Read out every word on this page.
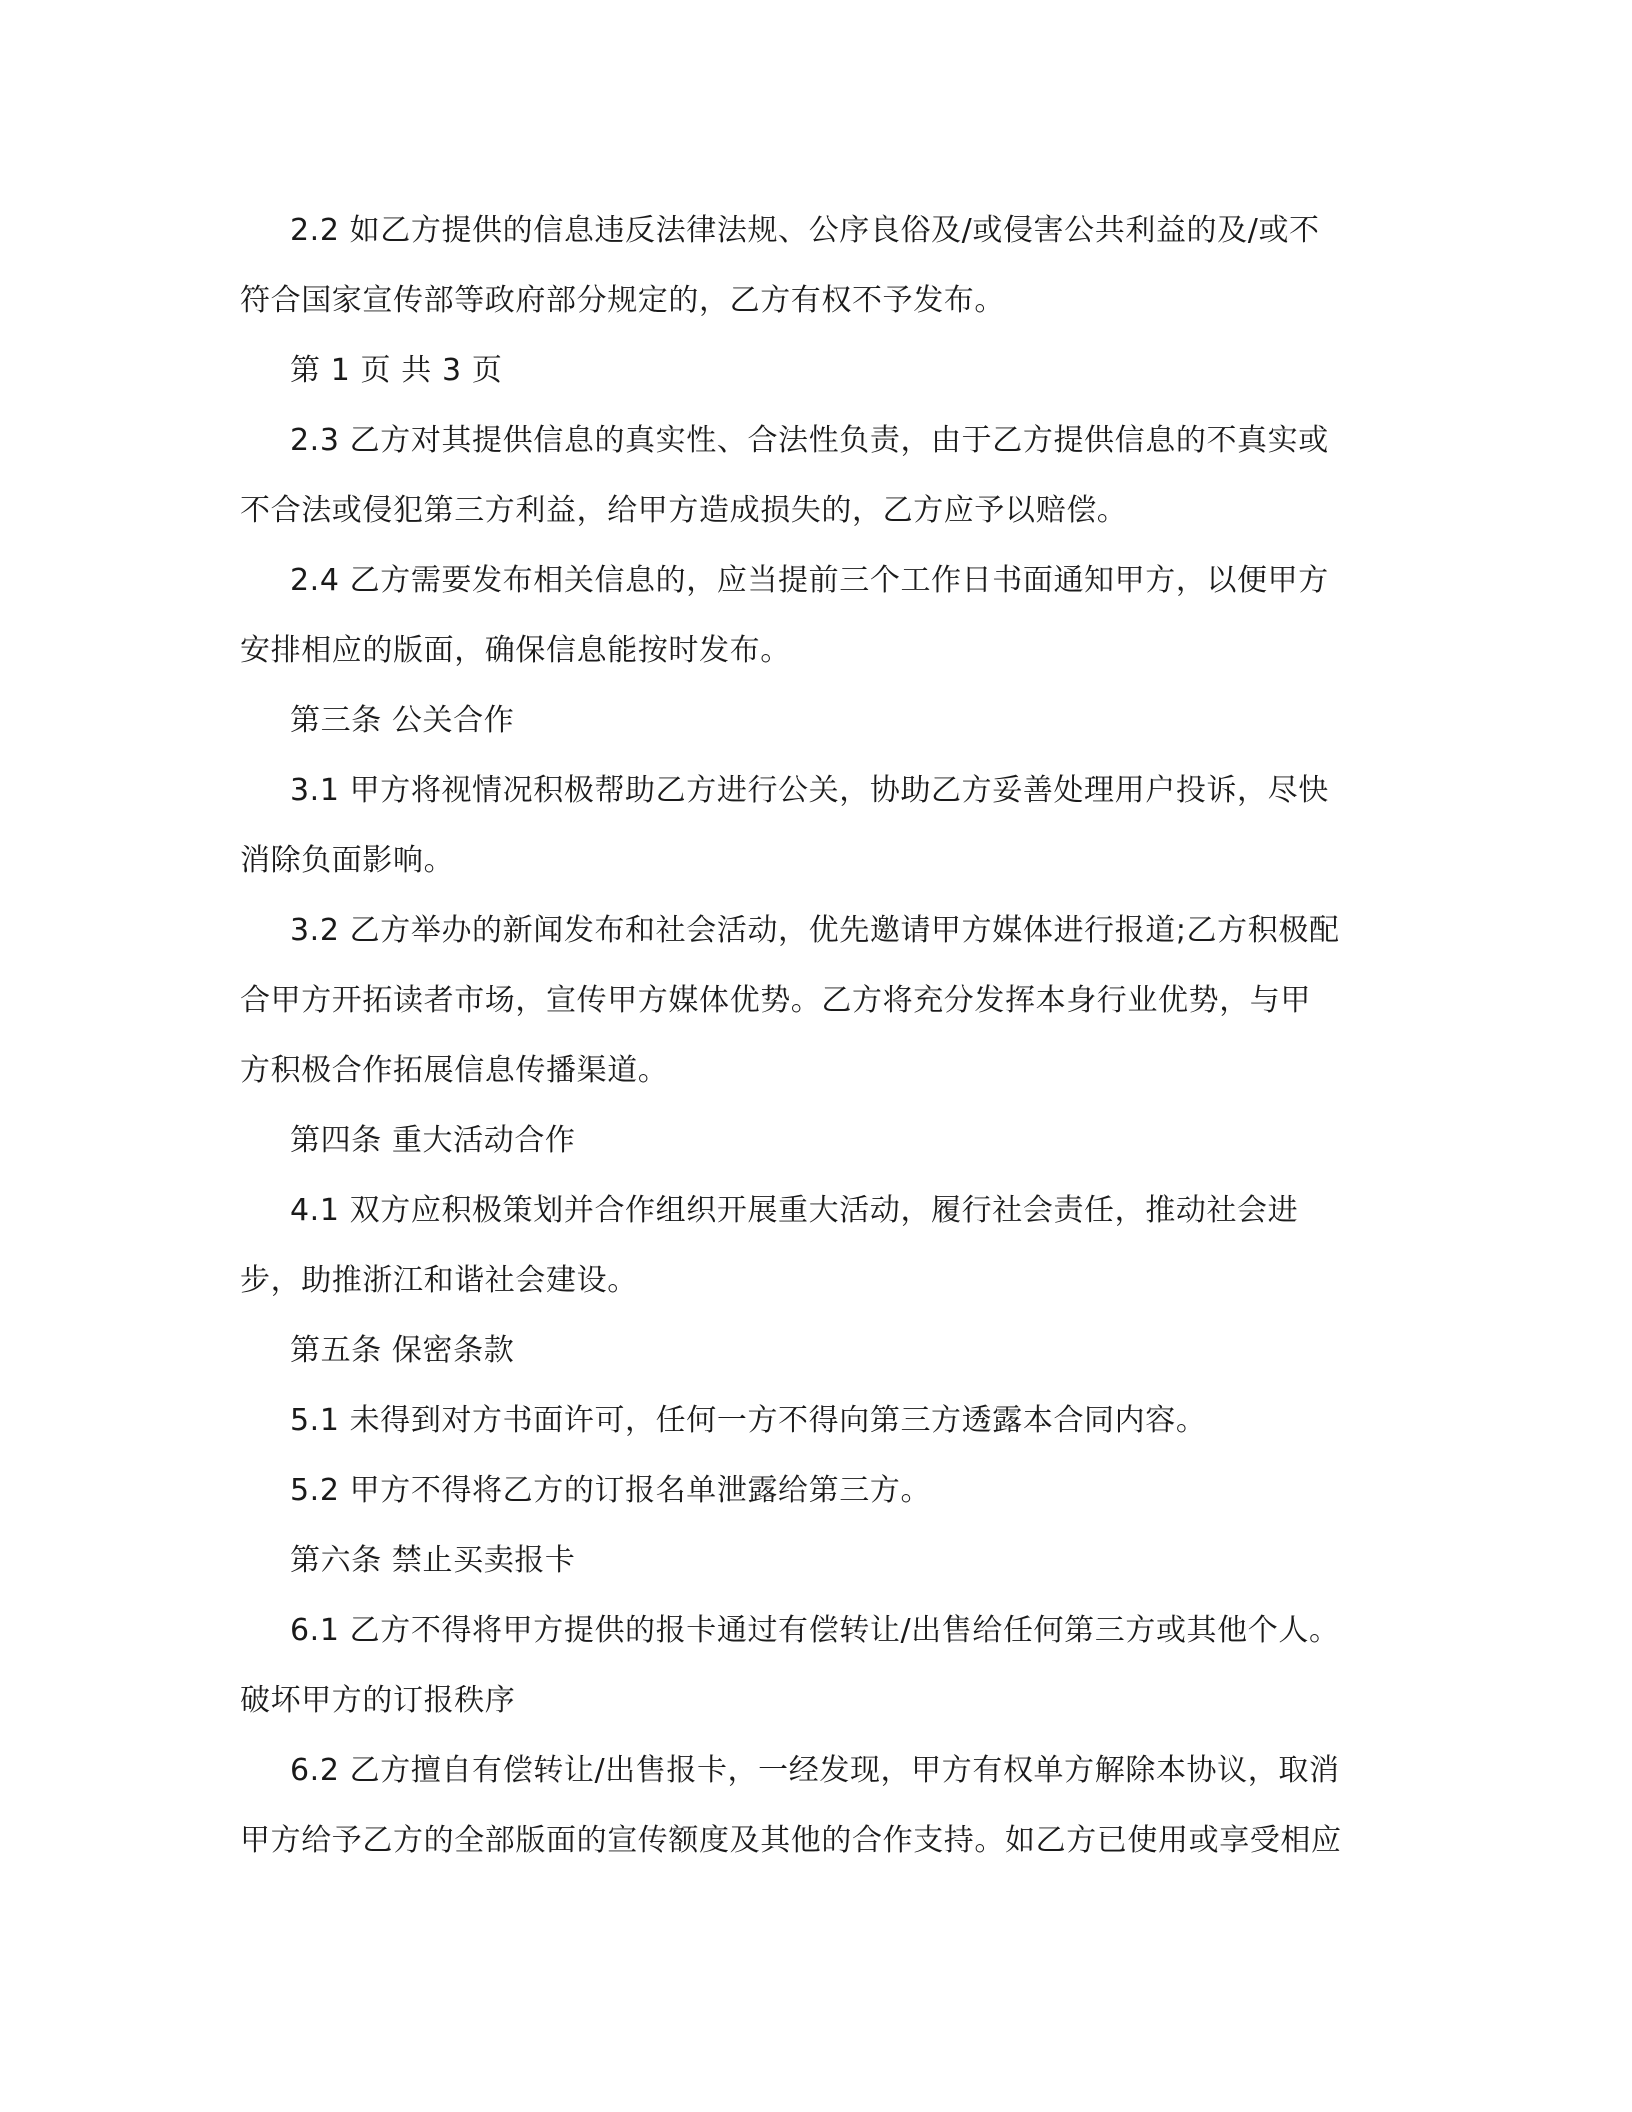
2.2 如乙方提供的信息违反法律法规、公序良俗及/或侵害公共利益的及/或不
符合国家宣传部等政府部分规定的，乙方有权不予发布。
第 1 页 共 3 页
2.3 乙方对其提供信息的真实性、合法性负责，由于乙方提供信息的不真实或
不合法或侵犯第三方利益，给甲方造成损失的，乙方应予以赔偿。
2.4 乙方需要发布相关信息的，应当提前三个工作日书面通知甲方，以便甲方
安排相应的版面，确保信息能按时发布。
第三条 公关合作
3.1 甲方将视情况积极帮助乙方进行公关，协助乙方妥善处理用户投诉，尽快
消除负面影响。
3.2 乙方举办的新闻发布和社会活动，优先邀请甲方媒体进行报道;乙方积极配
合甲方开拓读者市场，宣传甲方媒体优势。乙方将充分发挥本身行业优势，与甲
方积极合作拓展信息传播渠道。
第四条 重大活动合作
4.1 双方应积极策划并合作组织开展重大活动，履行社会责任，推动社会进
步，助推浙江和谐社会建设。
第五条 保密条款
5.1 未得到对方书面许可，任何一方不得向第三方透露本合同内容。
5.2 甲方不得将乙方的订报名单泄露给第三方。
第六条 禁止买卖报卡
6.1 乙方不得将甲方提供的报卡通过有偿转让/出售给任何第三方或其他个人。
破坏甲方的订报秩序
6.2 乙方擅自有偿转让/出售报卡，一经发现，甲方有权单方解除本协议，取消
甲方给予乙方的全部版面的宣传额度及其他的合作支持。如乙方已使用或享受相应
